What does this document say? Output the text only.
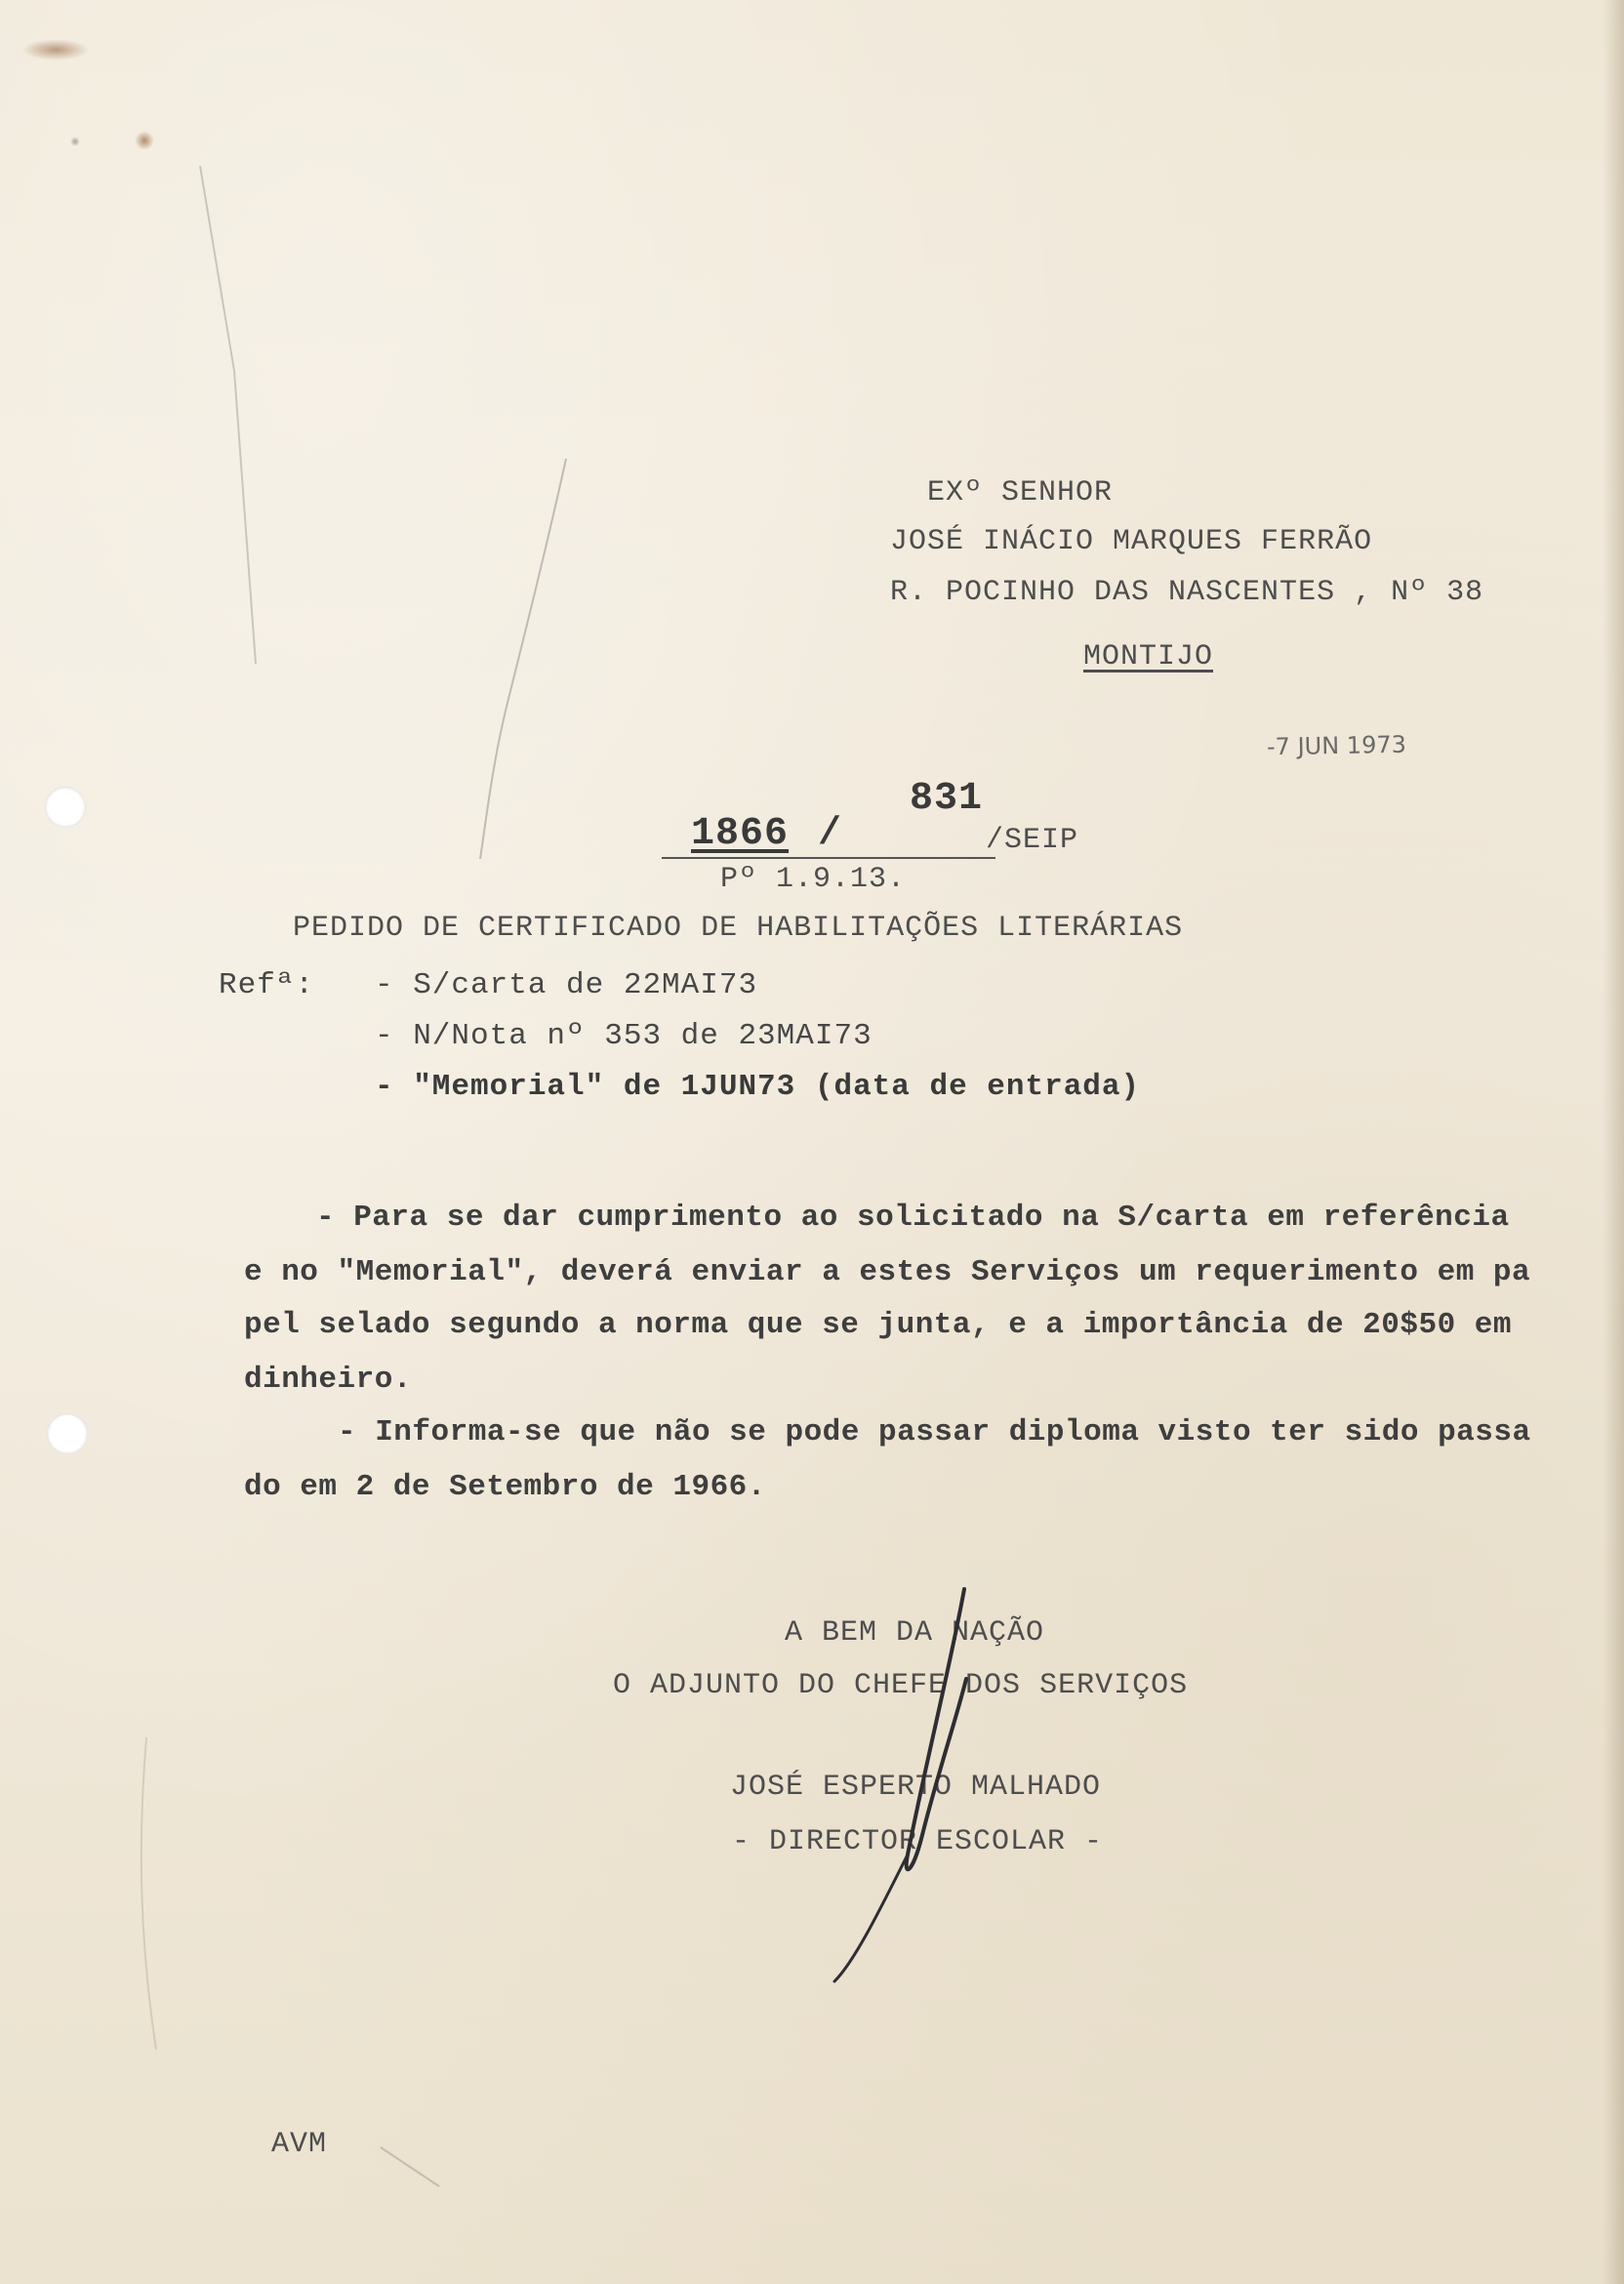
EXº SENHOR
JOSÉ INÁCIO MARQUES FERRÃO
R. POCINHO DAS NASCENTES , Nº 38
MONTIJO
-7 JUN 1973
831
1866 /	/SEIP
Pº 1.9.13.
PEDIDO DE CERTIFICADO DE HABILITAÇÕES LITERÁRIAS
Refª: - S/carta de 22MAI73
- N/Nota nº 353 de 23MAI73
- "Memorial" de 1JUN73 (data de entrada)
- Para se dar cumprimento ao solicitado na S/carta em referência
e no "Memorial", deverá enviar a estes Serviços um requerimento em pa
pel selado segundo a norma que se junta, e a importância de 20$50 em
dinheiro.
- Informa-se que não se pode passar diploma visto ter sido passa
do em 2 de Setembro de 1966.
A BEM DA NAÇÃO
O ADJUNTO DO CHEFE DOS SERVIÇOS
JOSÉ ESPERTO MALHADO
- DIRECTOR ESCOLAR -
AVM
